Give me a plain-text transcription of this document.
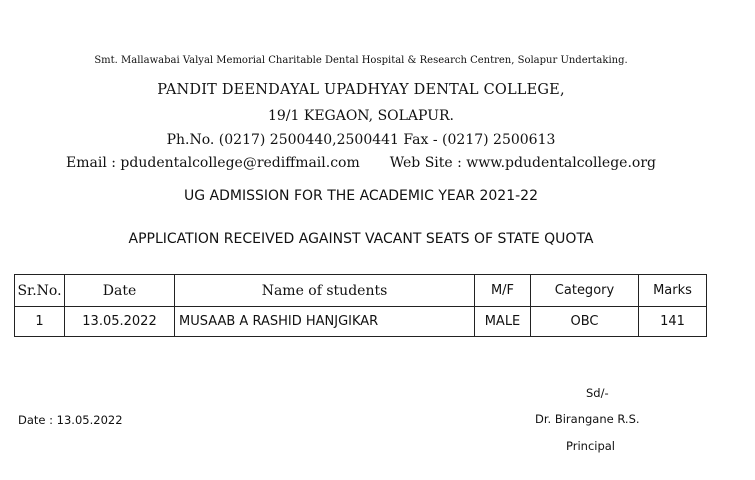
Smt. Mallawabai Valyal Memorial Charitable Dental Hospital & Research Centren, Solapur Undertaking.
PANDIT DEENDAYAL UPADHYAY DENTAL COLLEGE,
19/1 KEGAON, SOLAPUR.
Ph.No. (0217) 2500440,2500441 Fax - (0217) 2500613
Email : pdudentalcollege@rediffmail.com Web Site : www.pdudentalcollege.org
UG ADMISSION FOR THE ACADEMIC YEAR 2021-22
APPLICATION RECEIVED AGAINST VACANT SEATS OF STATE QUOTA
Sr.No.	Date	Name of students	M/F	Category	Marks
1	13.05.2022	MUSAAB A RASHID HANJGIKAR	MALE	OBC	141
Sd/-
Date : 13.05.2022	Dr. Birangane R.S.
Principal
